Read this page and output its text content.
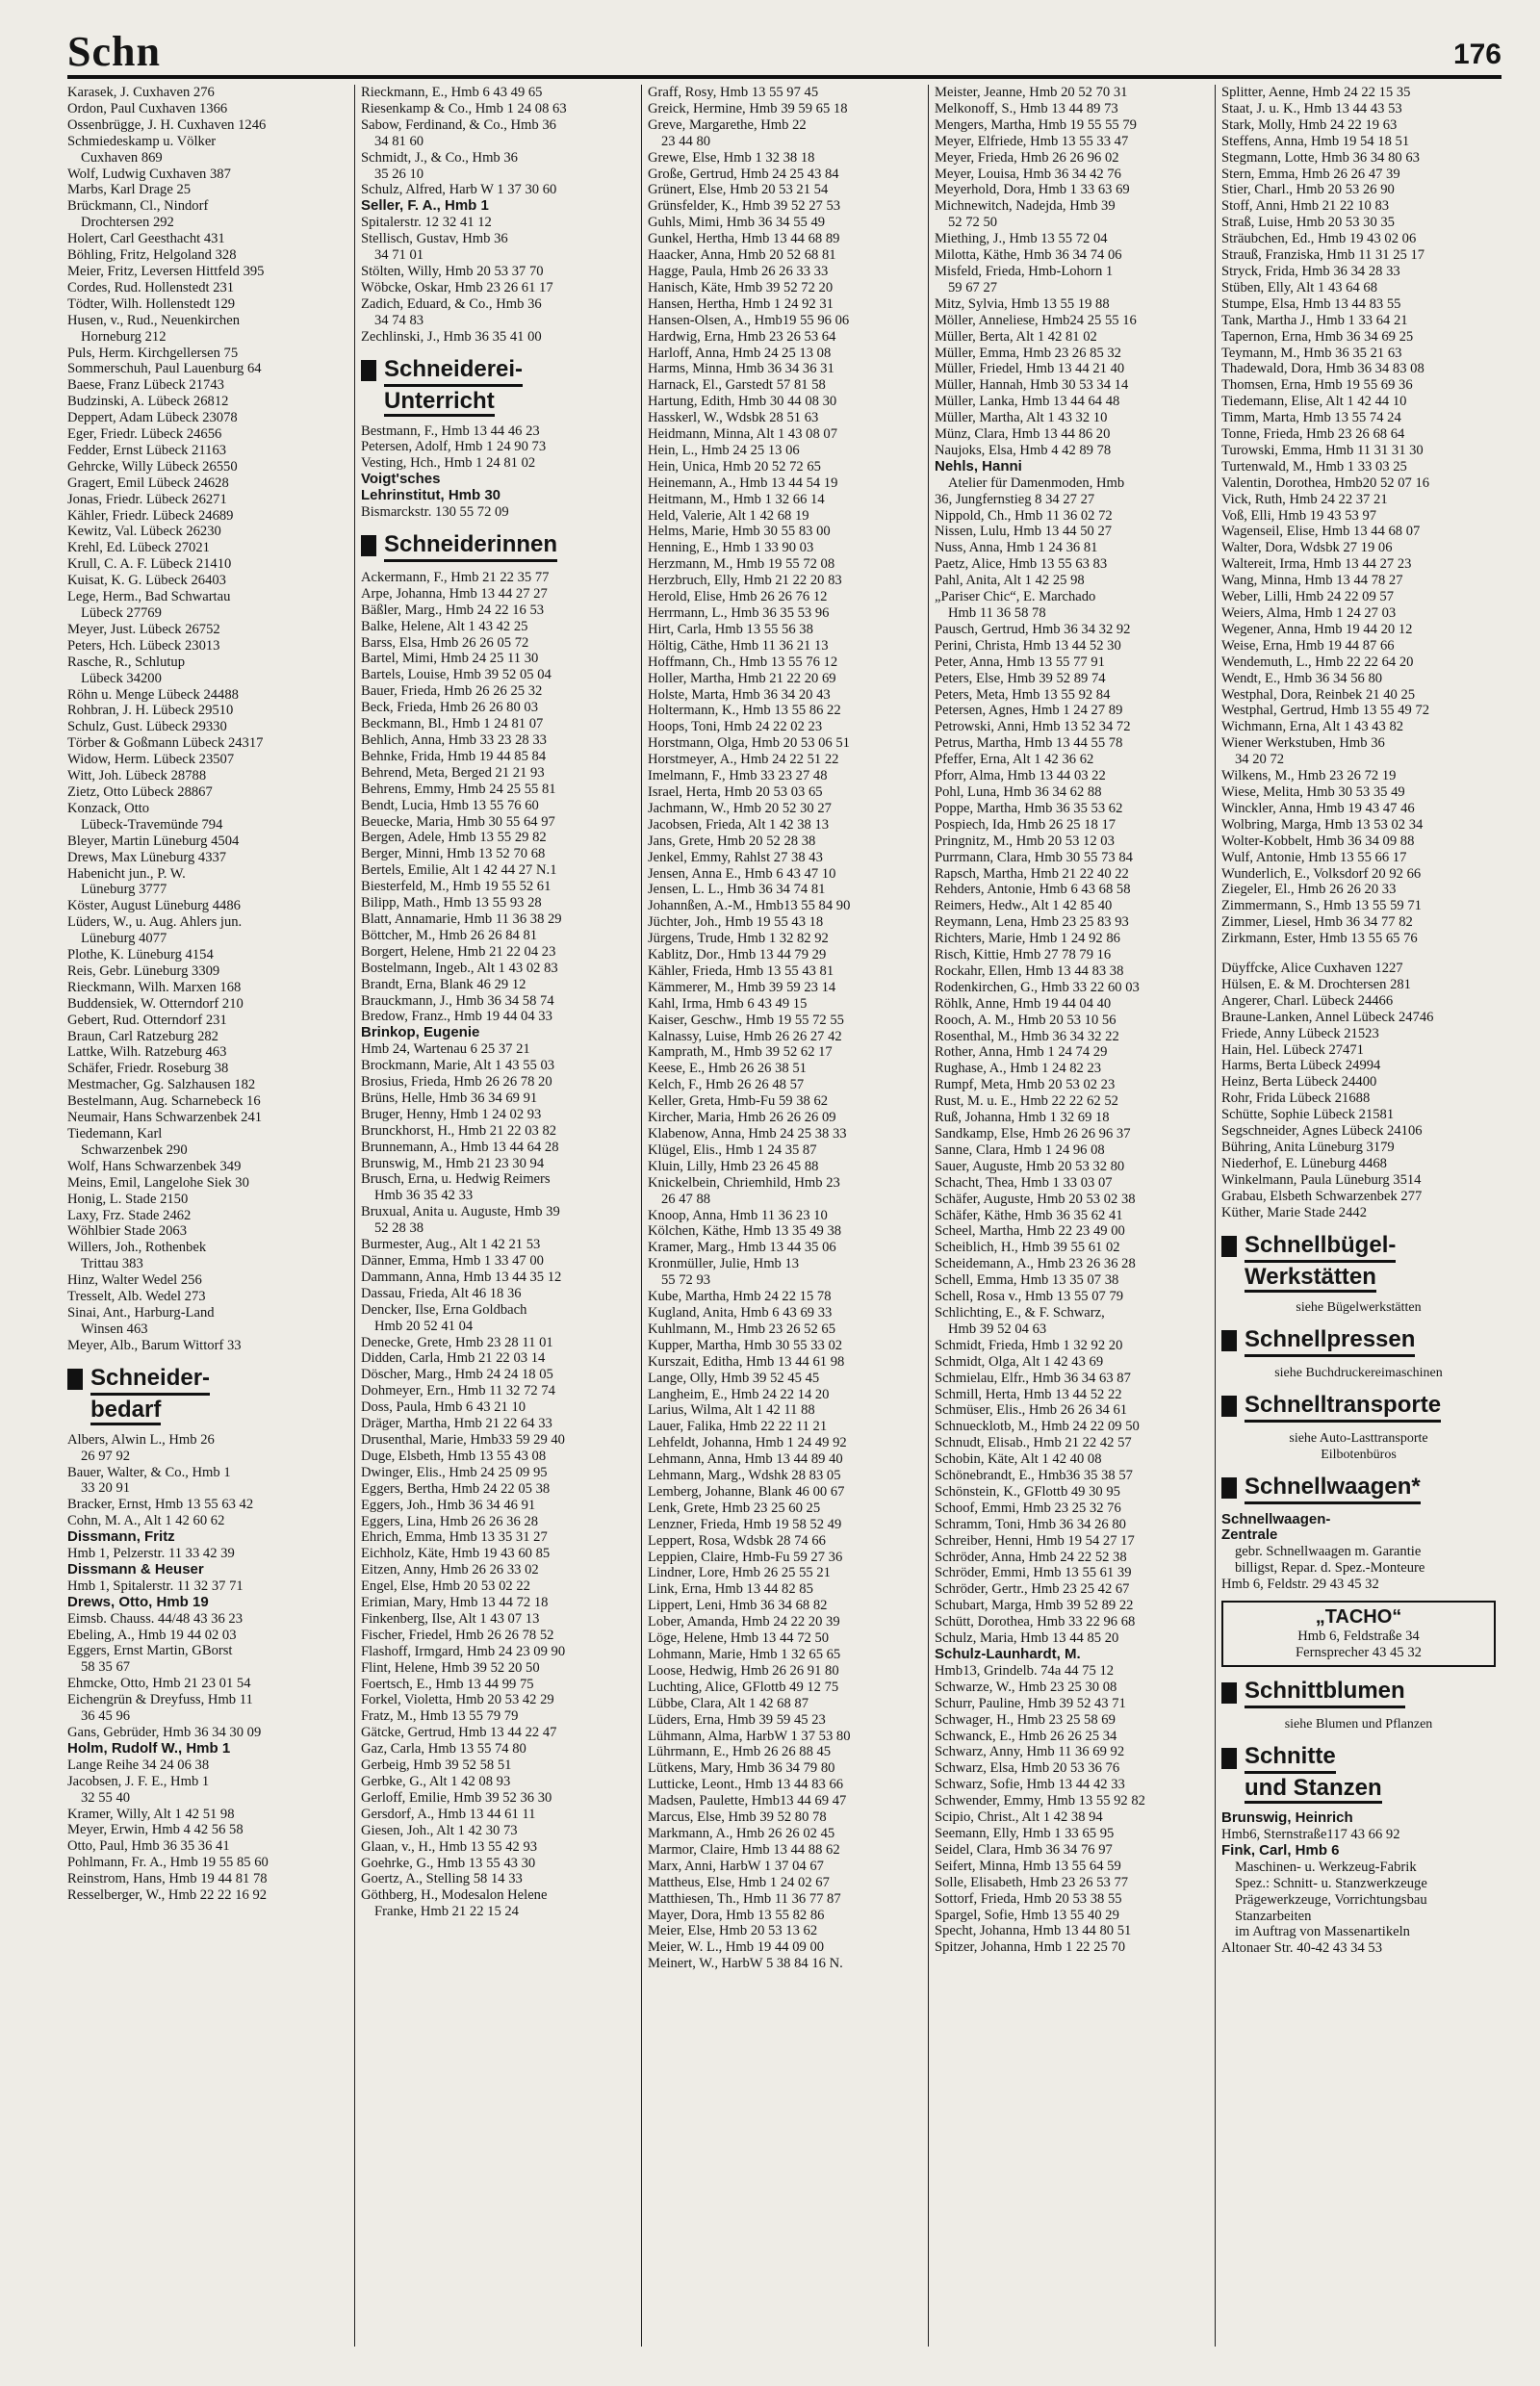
Schn	176
Karasek, J. Cuxhaven 276
Ordon, Paul Cuxhaven 1366
Ossenbrügge, J. H. Cuxhaven 1246
Schmiedeskamp u. Völker
Cuxhaven 869
Wolf, Ludwig Cuxhaven 387
Marbs, Karl Drage 25
Brückmann, Cl., Nindorf
Drochtersen 292
Holert, Carl Geesthacht 431
Böhling, Fritz, Helgoland 328
Meier, Fritz, Leversen Hittfeld 395
Cordes, Rud. Hollenstedt 231
Tödter, Wilh. Hollenstedt 129
Husen, v., Rud., Neuenkirchen
Horneburg 212
Puls, Herm. Kirchgellersen 75
Sommerschuh, Paul Lauenburg 64
Baese, Franz Lübeck 21743
Budzinski, A. Lübeck 26812
Deppert, Adam Lübeck 23078
Eger, Friedr. Lübeck 24656
Fedder, Ernst Lübeck 21163
Gehrcke, Willy Lübeck 26550
Gragert, Emil Lübeck 24628
Jonas, Friedr. Lübeck 26271
Kähler, Friedr. Lübeck 24689
Kewitz, Val. Lübeck 26230
Krehl, Ed. Lübeck 27021
Krull, C. A. F. Lübeck 21410
Kuisat, K. G. Lübeck 26403
Lege, Herm., Bad Schwartau
Lübeck 27769
Meyer, Just. Lübeck 26752
Peters, Hch. Lübeck 23013
Rasche, R., Schlutup
Lübeck 34200
Röhn u. Menge Lübeck 24488
Rohbran, J. H. Lübeck 29510
Schulz, Gust. Lübeck 29330
Törber & Goßmann Lübeck 24317
Widow, Herm. Lübeck 23507
Witt, Joh. Lübeck 28788
Zietz, Otto Lübeck 28867
Konzack, Otto
Lübeck-Travemünde 794
Bleyer, Martin Lüneburg 4504
Drews, Max Lüneburg 4337
Habenicht jun., P. W.
Lüneburg 3777
Köster, August Lüneburg 4486
Lüders, W., u. Aug. Ahlers jun.
Lüneburg 4077
Plothe, K. Lüneburg 4154
Reis, Gebr. Lüneburg 3309
Rieckmann, Wilh. Marxen 168
Buddensiek, W. Otterndorf 210
Gebert, Rud. Otterndorf 231
Braun, Carl Ratzeburg 282
Lattke, Wilh. Ratzeburg 463
Schäfer, Friedr. Roseburg 38
Mestmacher, Gg. Salzhausen 182
Bestelmann, Aug. Scharnebeck 16
Neumair, Hans Schwarzenbek 241
Tiedemann, Karl
Schwarzenbek 290
Wolf, Hans Schwarzenbek 349
Meins, Emil, Langelohe Siek 30
Honig, L. Stade 2150
Laxy, Frz. Stade 2462
Wöhlbier Stade 2063
Willers, Joh., Rothenbek
Trittau 383
Hinz, Walter Wedel 256
Tresselt, Alb. Wedel 273
Sinai, Ant., Harburg-Land
Winsen 463
Meyer, Alb., Barum Wittorf 33
Schneider-
bedarf
Albers, Alwin L., Hmb 26
26 97 92
Bauer, Walter, & Co., Hmb 1
33 20 91
Bracker, Ernst, Hmb 13 55 63 42
Cohn, M. A., Alt 1 42 60 62
Dissmann, Fritz
Hmb 1, Pelzerstr. 11 33 42 39
Dissmann & Heuser
Hmb 1, Spitalerstr. 11 32 37 71
Drews, Otto, Hmb 19
Eimsb. Chauss. 44/48 43 36 23
Ebeling, A., Hmb 19 44 02 03
Eggers, Ernst Martin, GBorst
58 35 67
Ehmcke, Otto, Hmb 21 23 01 54
Eichengrün & Dreyfuss, Hmb 11
36 45 96
Gans, Gebrüder, Hmb 36 34 30 09
Holm, Rudolf W., Hmb 1
Lange Reihe 34 24 06 38
Jacobsen, J. F. E., Hmb 1
32 55 40
Kramer, Willy, Alt 1 42 51 98
Meyer, Erwin, Hmb 4 42 56 58
Otto, Paul, Hmb 36 35 36 41
Pohlmann, Fr. A., Hmb 19 55 85 60
Reinstrom, Hans, Hmb 19 44 81 78
Resselberger, W., Hmb 22 22 16 92
Rieckmann, E., Hmb 6 43 49 65
Riesenkamp & Co., Hmb 1 24 08 63
Sabow, Ferdinand, & Co., Hmb 36
34 81 60
Schmidt, J., & Co., Hmb 36
35 26 10
Schulz, Alfred, Harb W 1 37 30 60
Seller, F. A., Hmb 1
Spitalerstr. 12 32 41 12
Stellisch, Gustav, Hmb 36
34 71 01
Stölten, Willy, Hmb 20 53 37 70
Wöbcke, Oskar, Hmb 23 26 61 17
Zadich, Eduard, & Co., Hmb 36
34 74 83
Zechlinski, J., Hmb 36 35 41 00
Schneiderei-
Unterricht
Bestmann, F., Hmb 13 44 46 23
Petersen, Adolf, Hmb 1 24 90 73
Vesting, Hch., Hmb 1 24 81 02
Voigt'sches
Lehrinstitut, Hmb 30
Bismarckstr. 130 55 72 09
Schneiderinnen
Ackermann, F., Hmb 21 22 35 77
Arpe, Johanna, Hmb 13 44 27 27
Bäßler, Marg., Hmb 24 22 16 53
Balke, Helene, Alt 1 43 42 25
Barss, Elsa, Hmb 26 26 05 72
Bartel, Mimi, Hmb 24 25 11 30
Bartels, Louise, Hmb 39 52 05 04
Bauer, Frieda, Hmb 26 26 25 32
Beck, Frieda, Hmb 26 26 80 03
Beckmann, Bl., Hmb 1 24 81 07
Behlich, Anna, Hmb 33 23 28 33
Behnke, Frida, Hmb 19 44 85 84
Behrend, Meta, Berged 21 21 93
Behrens, Emmy, Hmb 24 25 55 81
Bendt, Lucia, Hmb 13 55 76 60
Beuecke, Maria, Hmb 30 55 64 97
Bergen, Adele, Hmb 13 55 29 82
Berger, Minni, Hmb 13 52 70 68
Bertels, Emilie, Alt 1 42 44 27 N.1
Biesterfeld, M., Hmb 19 55 52 61
Bilipp, Math., Hmb 13 55 93 28
Blatt, Annamarie, Hmb 11 36 38 29
Böttcher, M., Hmb 26 26 84 81
Borgert, Helene, Hmb 21 22 04 23
Bostelmann, Ingeb., Alt 1 43 02 83
Brandt, Erna, Blank 46 29 12
Brauckmann, J., Hmb 36 34 58 74
Bredow, Franz., Hmb 19 44 04 33
Brinkop, Eugenie
Hmb 24, Wartenau 6 25 37 21
Brockmann, Marie, Alt 1 43 55 03
Brosius, Frieda, Hmb 26 26 78 20
Brüns, Helle, Hmb 36 34 69 91
Bruger, Henny, Hmb 1 24 02 93
Brunckhorst, H., Hmb 21 22 03 82
Brunnemann, A., Hmb 13 44 64 28
Brunswig, M., Hmb 21 23 30 94
Brusch, Erna, u. Hedwig Reimers
Hmb 36 35 42 33
Bruxual, Anita u. Auguste, Hmb 39
52 28 38
Burmester, Aug., Alt 1 42 21 53
Dänner, Emma, Hmb 1 33 47 00
Dammann, Anna, Hmb 13 44 35 12
Dassau, Frieda, Alt 46 18 36
Dencker, Ilse, Erna Goldbach
Hmb 20 52 41 04
Denecke, Grete, Hmb 23 28 11 01
Didden, Carla, Hmb 21 22 03 14
Döscher, Marg., Hmb 24 24 18 05
Dohmeyer, Ern., Hmb 11 32 72 74
Doss, Paula, Hmb 6 43 21 10
Dräger, Martha, Hmb 21 22 64 33
Drusenthal, Marie, Hmb33 59 29 40
Duge, Elsbeth, Hmb 13 55 43 08
Dwinger, Elis., Hmb 24 25 09 95
Eggers, Bertha, Hmb 24 22 05 38
Eggers, Joh., Hmb 36 34 46 91
Eggers, Lina, Hmb 26 26 36 28
Ehrich, Emma, Hmb 13 35 31 27
Eichholz, Käte, Hmb 19 43 60 85
Eitzen, Anny, Hmb 26 26 33 02
Engel, Else, Hmb 20 53 02 22
Erimian, Mary, Hmb 13 44 72 18
Finkenberg, Ilse, Alt 1 43 07 13
Fischer, Friedel, Hmb 26 26 78 52
Flashoff, Irmgard, Hmb 24 23 09 90
Flint, Helene, Hmb 39 52 20 50
Foertsch, E., Hmb 13 44 99 75
Forkel, Violetta, Hmb 20 53 42 29
Fratz, M., Hmb 13 55 79 79
Gätcke, Gertrud, Hmb 13 44 22 47
Gaz, Carla, Hmb 13 55 74 80
Gerbeig, Hmb 39 52 58 51
Gerbke, G., Alt 1 42 08 93
Gerloff, Emilie, Hmb 39 52 36 30
Gersdorf, A., Hmb 13 44 61 11
Giesen, Joh., Alt 1 42 30 73
Glaan, v., H., Hmb 13 55 42 93
Goehrke, G., Hmb 13 55 43 30
Goertz, A., Stelling 58 14 33
Göthberg, H., Modesalon Helene
Franke, Hmb 21 22 15 24
Graff, Rosy, Hmb 13 55 97 45
Greick, Hermine, Hmb 39 59 65 18
Greve, Margarethe, Hmb 22
23 44 80
Grewe, Else, Hmb 1 32 38 18
Große, Gertrud, Hmb 24 25 43 84
Grünert, Else, Hmb 20 53 21 54
Grünsfelder, K., Hmb 39 52 27 53
Guhls, Mimi, Hmb 36 34 55 49
Gunkel, Hertha, Hmb 13 44 68 89
Haacker, Anna, Hmb 20 52 68 81
Hagge, Paula, Hmb 26 26 33 33
Hanisch, Käte, Hmb 39 52 72 20
Hansen, Hertha, Hmb 1 24 92 31
Hansen-Olsen, A., Hmb19 55 96 06
Hardwig, Erna, Hmb 23 26 53 64
Harloff, Anna, Hmb 24 25 13 08
Harms, Minna, Hmb 36 34 36 31
Harnack, El., Garstedt 57 81 58
Hartung, Edith, Hmb 30 44 08 30
Hasskerl, W., Wdsbk 28 51 63
Heidmann, Minna, Alt 1 43 08 07
Hein, L., Hmb 24 25 13 06
Hein, Unica, Hmb 20 52 72 65
Heinemann, A., Hmb 13 44 54 19
Heitmann, M., Hmb 1 32 66 14
Held, Valerie, Alt 1 42 68 19
Helms, Marie, Hmb 30 55 83 00
Henning, E., Hmb 1 33 90 03
Herzmann, M., Hmb 19 55 72 08
Herzbruch, Elly, Hmb 21 22 20 83
Herold, Elise, Hmb 26 26 76 12
Herrmann, L., Hmb 36 35 53 96
Hirt, Carla, Hmb 13 55 56 38
Höltig, Cäthe, Hmb 11 36 21 13
Hoffmann, Ch., Hmb 13 55 76 12
Holler, Martha, Hmb 21 22 20 69
Holste, Marta, Hmb 36 34 20 43
Holtermann, K., Hmb 13 55 86 22
Hoops, Toni, Hmb 24 22 02 23
Horstmann, Olga, Hmb 20 53 06 51
Horstmeyer, A., Hmb 24 22 51 22
Imelmann, F., Hmb 33 23 27 48
Israel, Herta, Hmb 20 53 03 65
Jachmann, W., Hmb 20 52 30 27
Jacobsen, Frieda, Alt 1 42 38 13
Jans, Grete, Hmb 20 52 28 38
Jenkel, Emmy, Rahlst 27 38 43
Jensen, Anna E., Hmb 6 43 47 10
Jensen, L. L., Hmb 36 34 74 81
Johannßen, A.-M., Hmb13 55 84 90
Jüchter, Joh., Hmb 19 55 43 18
Jürgens, Trude, Hmb 1 32 82 92
Kablitz, Dor., Hmb 13 44 79 29
Kähler, Frieda, Hmb 13 55 43 81
Kämmerer, M., Hmb 39 59 23 14
Kahl, Irma, Hmb 6 43 49 15
Kaiser, Geschw., Hmb 19 55 72 55
Kalnassy, Luise, Hmb 26 26 27 42
Kamprath, M., Hmb 39 52 62 17
Keese, E., Hmb 26 26 38 51
Kelch, F., Hmb 26 26 48 57
Keller, Greta, Hmb-Fu 59 38 62
Kircher, Maria, Hmb 26 26 26 09
Klabenow, Anna, Hmb 24 25 38 33
Klügel, Elis., Hmb 1 24 35 87
Kluin, Lilly, Hmb 23 26 45 88
Knickelbein, Chriemhild, Hmb 23
26 47 88
Knoop, Anna, Hmb 11 36 23 10
Kölchen, Käthe, Hmb 13 35 49 38
Kramer, Marg., Hmb 13 44 35 06
Kronmüller, Julie, Hmb 13
55 72 93
Kube, Martha, Hmb 24 22 15 78
Kugland, Anita, Hmb 6 43 69 33
Kuhlmann, M., Hmb 23 26 52 65
Kupper, Martha, Hmb 30 55 33 02
Kurszait, Editha, Hmb 13 44 61 98
Lange, Olly, Hmb 39 52 45 45
Langheim, E., Hmb 24 22 14 20
Larius, Wilma, Alt 1 42 11 88
Lauer, Falika, Hmb 22 22 11 21
Lehfeldt, Johanna, Hmb 1 24 49 92
Lehmann, Anna, Hmb 13 44 89 40
Lehmann, Marg., Wdshk 28 83 05
Lemberg, Johanne, Blank 46 00 67
Lenk, Grete, Hmb 23 25 60 25
Lenzner, Frieda, Hmb 19 58 52 49
Leppert, Rosa, Wdsbk 28 74 66
Leppien, Claire, Hmb-Fu 59 27 36
Lindner, Lore, Hmb 26 25 55 21
Link, Erna, Hmb 13 44 82 85
Lippert, Leni, Hmb 36 34 68 82
Lober, Amanda, Hmb 24 22 20 39
Löge, Helene, Hmb 13 44 72 50
Lohmann, Marie, Hmb 1 32 65 65
Loose, Hedwig, Hmb 26 26 91 80
Luchting, Alice, GFlottb 49 12 75
Lübbe, Clara, Alt 1 42 68 87
Lüders, Erna, Hmb 39 59 45 23
Lühmann, Alma, HarbW 1 37 53 80
Lührmann, E., Hmb 26 26 88 45
Lütkens, Mary, Hmb 36 34 79 80
Lutticke, Leont., Hmb 13 44 83 66
Madsen, Paulette, Hmb13 44 69 47
Marcus, Else, Hmb 39 52 80 78
Markmann, A., Hmb 26 26 02 45
Marmor, Claire, Hmb 13 44 88 62
Marx, Anni, HarbW 1 37 04 67
Mattheus, Else, Hmb 1 24 02 67
Matthiesen, Th., Hmb 11 36 77 87
Mayer, Dora, Hmb 13 55 82 86
Meier, Else, Hmb 20 53 13 62
Meier, W. L., Hmb 19 44 09 00
Meinert, W., HarbW 5 38 84 16 N.
Meister, Jeanne, Hmb 20 52 70 31
Melkonoff, S., Hmb 13 44 89 73
Mengers, Martha, Hmb 19 55 55 79
Meyer, Elfriede, Hmb 13 55 33 47
Meyer, Frieda, Hmb 26 26 96 02
Meyer, Louisa, Hmb 36 34 42 76
Meyerhold, Dora, Hmb 1 33 63 69
Michnewitch, Nadejda, Hmb 39
52 72 50
Miething, J., Hmb 13 55 72 04
Milotta, Käthe, Hmb 36 34 74 06
Misfeld, Frieda, Hmb-Lohorn 1
59 67 27
Mitz, Sylvia, Hmb 13 55 19 88
Möller, Anneliese, Hmb24 25 55 16
Müller, Berta, Alt 1 42 81 02
Müller, Emma, Hmb 23 26 85 32
Müller, Friedel, Hmb 13 44 21 40
Müller, Hannah, Hmb 30 53 34 14
Müller, Lanka, Hmb 13 44 64 48
Müller, Martha, Alt 1 43 32 10
Münz, Clara, Hmb 13 44 86 20
Naujoks, Elsa, Hmb 4 42 89 78
Nehls, Hanni
Atelier für Damenmoden, Hmb
36, Jungfernstieg 8 34 27 27
Nippold, Ch., Hmb 11 36 02 72
Nissen, Lulu, Hmb 13 44 50 27
Nuss, Anna, Hmb 1 24 36 81
Paetz, Alice, Hmb 13 55 63 83
Pahl, Anita, Alt 1 42 25 98
„Pariser Chic“, E. Marchado
Hmb 11 36 58 78
Pausch, Gertrud, Hmb 36 34 32 92
Perini, Christa, Hmb 13 44 52 30
Peter, Anna, Hmb 13 55 77 91
Peters, Else, Hmb 39 52 89 74
Peters, Meta, Hmb 13 55 92 84
Petersen, Agnes, Hmb 1 24 27 89
Petrowski, Anni, Hmb 13 52 34 72
Petrus, Martha, Hmb 13 44 55 78
Pfeffer, Erna, Alt 1 42 36 62
Pforr, Alma, Hmb 13 44 03 22
Pohl, Luna, Hmb 36 34 62 88
Poppe, Martha, Hmb 36 35 53 62
Pospiech, Ida, Hmb 26 25 18 17
Pringnitz, M., Hmb 20 53 12 03
Purrmann, Clara, Hmb 30 55 73 84
Rapsch, Martha, Hmb 21 22 40 22
Rehders, Antonie, Hmb 6 43 68 58
Reimers, Hedw., Alt 1 42 85 40
Reymann, Lena, Hmb 23 25 83 93
Richters, Marie, Hmb 1 24 92 86
Risch, Kittie, Hmb 27 78 79 16
Rockahr, Ellen, Hmb 13 44 83 38
Rodenkirchen, G., Hmb 33 22 60 03
Röhlk, Anne, Hmb 19 44 04 40
Rooch, A. M., Hmb 20 53 10 56
Rosenthal, M., Hmb 36 34 32 22
Rother, Anna, Hmb 1 24 74 29
Rughase, A., Hmb 1 24 82 23
Rumpf, Meta, Hmb 20 53 02 23
Rust, M. u. E., Hmb 22 22 62 52
Ruß, Johanna, Hmb 1 32 69 18
Sandkamp, Else, Hmb 26 26 96 37
Sanne, Clara, Hmb 1 24 96 08
Sauer, Auguste, Hmb 20 53 32 80
Schacht, Thea, Hmb 1 33 03 07
Schäfer, Auguste, Hmb 20 53 02 38
Schäfer, Käthe, Hmb 36 35 62 41
Scheel, Martha, Hmb 22 23 49 00
Scheiblich, H., Hmb 39 55 61 02
Scheidemann, A., Hmb 23 26 36 28
Schell, Emma, Hmb 13 35 07 38
Schell, Rosa v., Hmb 13 55 07 79
Schlichting, E., & F. Schwarz,
Hmb 39 52 04 63
Schmidt, Frieda, Hmb 1 32 92 20
Schmidt, Olga, Alt 1 42 43 69
Schmielau, Elfr., Hmb 36 34 63 87
Schmill, Herta, Hmb 13 44 52 22
Schmüser, Elis., Hmb 26 26 34 61
Schnuecklotb, M., Hmb 24 22 09 50
Schnudt, Elisab., Hmb 21 22 42 57
Schobin, Käte, Alt 1 42 40 08
Schönebrandt, E., Hmb36 35 38 57
Schönstein, K., GFlottb 49 30 95
Schoof, Emmi, Hmb 23 25 32 76
Schramm, Toni, Hmb 36 34 26 80
Schreiber, Henni, Hmb 19 54 27 17
Schröder, Anna, Hmb 24 22 52 38
Schröder, Emmi, Hmb 13 55 61 39
Schröder, Gertr., Hmb 23 25 42 67
Schubart, Marga, Hmb 39 52 89 22
Schütt, Dorothea, Hmb 33 22 96 68
Schulz, Maria, Hmb 13 44 85 20
Schulz-Launhardt, M.
Hmb13, Grindelb. 74a 44 75 12
Schwarze, W., Hmb 23 25 30 08
Schurr, Pauline, Hmb 39 52 43 71
Schwager, H., Hmb 23 25 58 69
Schwanck, E., Hmb 26 26 25 34
Schwarz, Anny, Hmb 11 36 69 92
Schwarz, Elsa, Hmb 20 53 36 76
Schwarz, Sofie, Hmb 13 44 42 33
Schwender, Emmy, Hmb 13 55 92 82
Scipio, Christ., Alt 1 42 38 94
Seemann, Elly, Hmb 1 33 65 95
Seidel, Clara, Hmb 36 34 76 97
Seifert, Minna, Hmb 13 55 64 59
Solle, Elisabeth, Hmb 23 26 53 77
Sottorf, Frieda, Hmb 20 53 38 55
Spargel, Sofie, Hmb 13 55 40 29
Specht, Johanna, Hmb 13 44 80 51
Spitzer, Johanna, Hmb 1 22 25 70
Splitter, Aenne, Hmb 24 22 15 35
Staat, J. u. K., Hmb 13 44 43 53
Stark, Molly, Hmb 24 22 19 63
Steffens, Anna, Hmb 19 54 18 51
Stegmann, Lotte, Hmb 36 34 80 63
Stern, Emma, Hmb 26 26 47 39
Stier, Charl., Hmb 20 53 26 90
Stoff, Anni, Hmb 21 22 10 83
Straß, Luise, Hmb 20 53 30 35
Sträubchen, Ed., Hmb 19 43 02 06
Strauß, Franziska, Hmb 11 31 25 17
Stryck, Frida, Hmb 36 34 28 33
Stüben, Elly, Alt 1 43 64 68
Stumpe, Elsa, Hmb 13 44 83 55
Tank, Martha J., Hmb 1 33 64 21
Tapernon, Erna, Hmb 36 34 69 25
Teymann, M., Hmb 36 35 21 63
Thadewald, Dora, Hmb 36 34 83 08
Thomsen, Erna, Hmb 19 55 69 36
Tiedemann, Elise, Alt 1 42 44 10
Timm, Marta, Hmb 13 55 74 24
Tonne, Frieda, Hmb 23 26 68 64
Turowski, Emma, Hmb 11 31 31 30
Turtenwald, M., Hmb 1 33 03 25
Valentin, Dorothea, Hmb20 52 07 16
Vick, Ruth, Hmb 24 22 37 21
Voß, Elli, Hmb 19 43 53 97
Wagenseil, Elise, Hmb 13 44 68 07
Walter, Dora, Wdsbk 27 19 06
Waltereit, Irma, Hmb 13 44 27 23
Wang, Minna, Hmb 13 44 78 27
Weber, Lilli, Hmb 24 22 09 57
Weiers, Alma, Hmb 1 24 27 03
Wegener, Anna, Hmb 19 44 20 12
Weise, Erna, Hmb 19 44 87 66
Wendemuth, L., Hmb 22 22 64 20
Wendt, E., Hmb 36 34 56 80
Westphal, Dora, Reinbek 21 40 25
Westphal, Gertrud, Hmb 13 55 49 72
Wichmann, Erna, Alt 1 43 43 82
Wiener Werkstuben, Hmb 36
34 20 72
Wilkens, M., Hmb 23 26 72 19
Wiese, Melita, Hmb 30 53 35 49
Winckler, Anna, Hmb 19 43 47 46
Wolbring, Marga, Hmb 13 53 02 34
Wolter-Kobbelt, Hmb 36 34 09 88
Wulf, Antonie, Hmb 13 55 66 17
Wunderlich, E., Volksdorf 20 92 66
Ziegeler, El., Hmb 26 26 20 33
Zimmermann, S., Hmb 13 55 59 71
Zimmer, Liesel, Hmb 36 34 77 82
Zirkmann, Ester, Hmb 13 55 65 76
Düyffcke, Alice Cuxhaven 1227
Hülsen, E. & M. Drochtersen 281
Angerer, Charl. Lübeck 24466
Braune-Lanken, Annel Lübeck 24746
Friede, Anny Lübeck 21523
Hain, Hel. Lübeck 27471
Harms, Berta Lübeck 24994
Heinz, Berta Lübeck 24400
Rohr, Frida Lübeck 21688
Schütte, Sophie Lübeck 21581
Segschneider, Agnes Lübeck 24106
Bühring, Anita Lüneburg 3179
Niederhof, E. Lüneburg 4468
Winkelmann, Paula Lüneburg 3514
Grabau, Elsbeth Schwarzenbek 277
Küther, Marie Stade 2442
Schnellbügel-
Werkstätten
siehe Bügelwerkstätten
Schnellpressen
siehe Buchdruckereimaschinen
Schnelltransporte
siehe Auto-Lasttransporte
Eilbotenbüros
Schnellwaagen*
Schnellwaagen-
Zentrale
gebr. Schnellwaagen m. Garantie
billigst, Repar. d. Spez.-Monteure
Hmb 6, Feldstr. 29 43 45 32
„TACHO“
Hmb 6, Feldstraße 34
Fernsprecher 43 45 32
Schnittblumen
siehe Blumen und Pflanzen
Schnitte
und Stanzen
Brunswig, Heinrich
Hmb6, Sternstraße117 43 66 92
Fink, Carl, Hmb 6
Maschinen- u. Werkzeug-Fabrik
Spez.: Schnitt- u. Stanzwerkzeuge
Prägewerkzeuge, Vorrichtungsbau
Stanzarbeiten
im Auftrag von Massenartikeln
Altonaer Str. 40-42 43 34 53
